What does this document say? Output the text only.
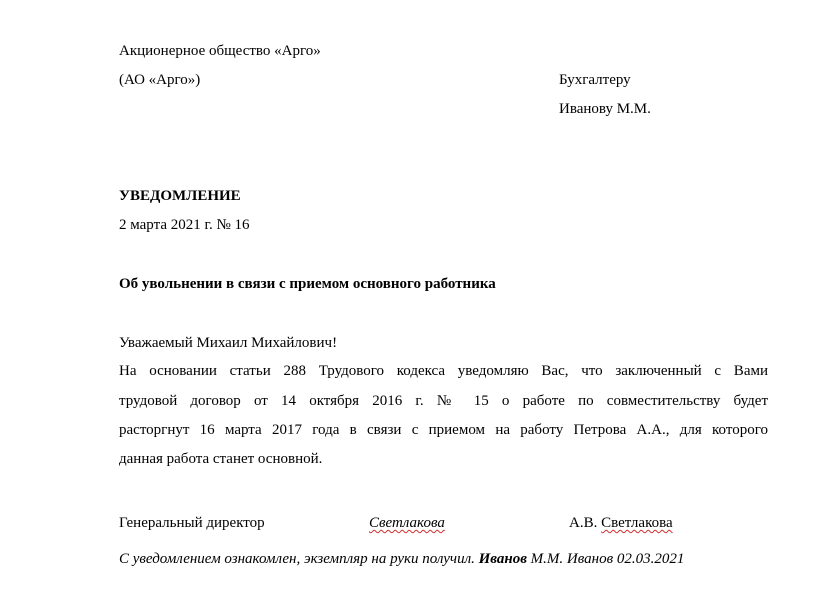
Акционерное общество «Арго»
(АО «Арго»)	Бухгалтеру
Иванову М.М.
УВЕДОМЛЕНИЕ
2 марта 2021 г. № 16
Об увольнении в связи с приемом основного работника
Уважаемый Михаил Михайлович!
На основании статьи 288 Трудового кодекса уведомляю Вас, что заключенный с Вами
трудовой договор от 14 октября 2016 г. № 15 о работе по совместительству будет
расторгнут 16 марта 2017 года в связи с приемом на работу Петрова А.А., для которого
данная работа станет основной.
Генеральный директор	Светлакова	А.В. Светлакова
С уведомлением ознакомлен, экземпляр на руки получил. Иванов М.М. Иванов 02.03.2021
